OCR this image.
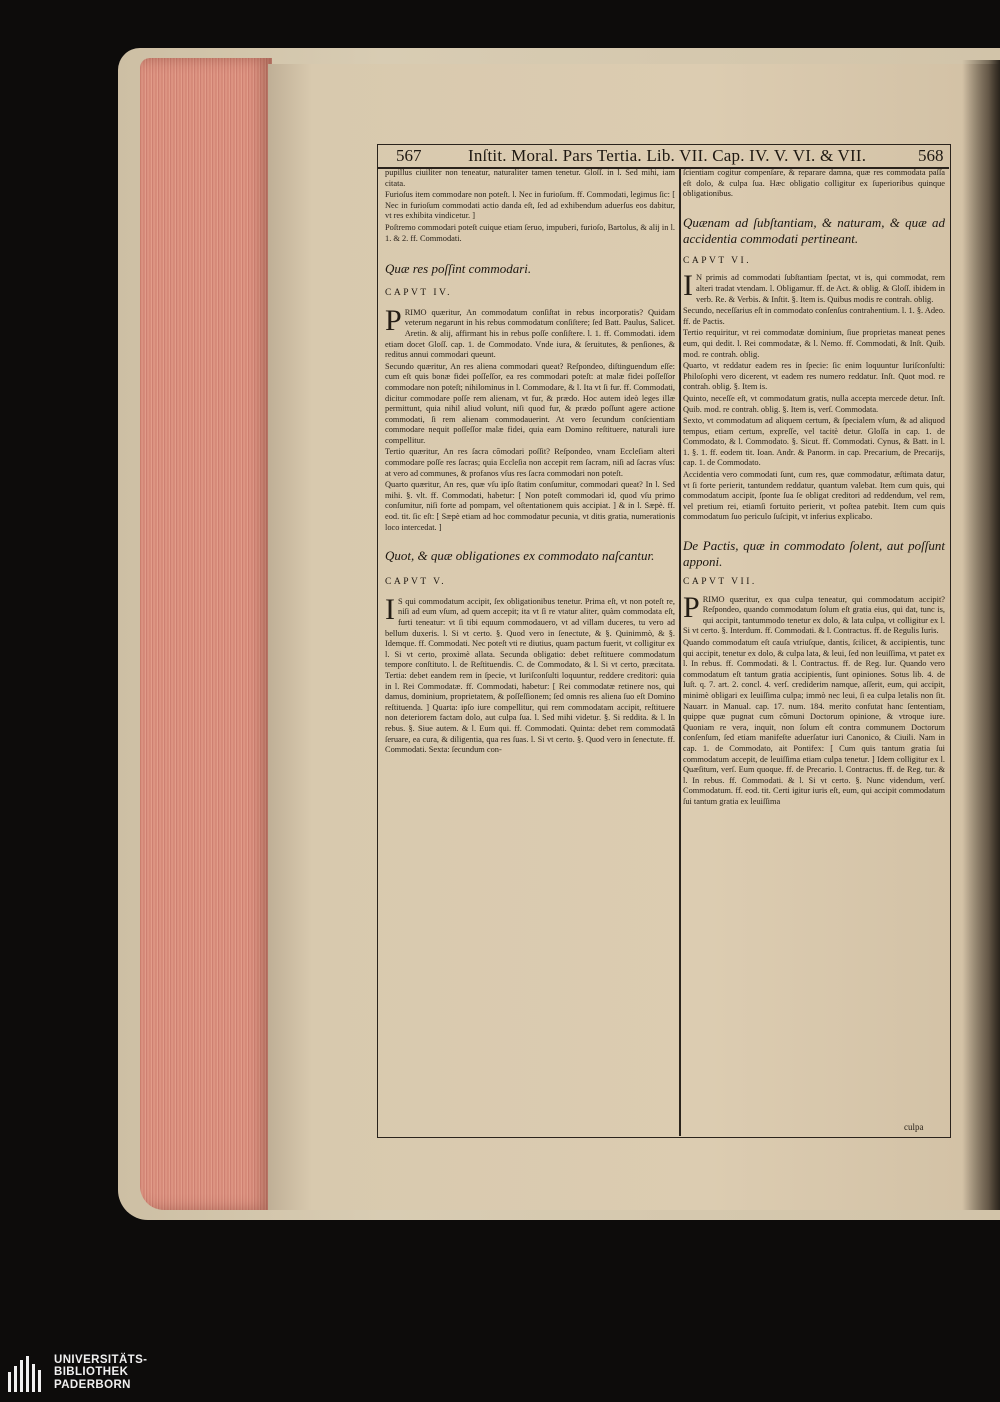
567	Inſtit. Moral. Pars Tertia. Lib. VII. Cap. IV. V. VI. & VII.	568

pupillus ciuiliter non teneatur, naturaliter tamen tenetur. Gloſſ. in l. Sed mihi, iam citata.

Furioſus item commodare non poteſt. l. Nec in furioſum. ff. Commodati, legimus ſic: [ Nec in furioſum commodati actio danda eſt, ſed ad exhibendum aduerſus eos dabitur, vt res exhibita vindicetur. ]

Poſtremo commodari poteſt cuique etiam ſeruo, impuberi, furioſo, Bartolus, & alij in l. 1. & 2. ff. Commodati.

Quæ res poſſint commodari.

CAPVT IV.

PRIMO quæritur, An commodatum conſiſtat in rebus incorporatis? Quidam veterum negarunt in his rebus commodatum conſiſtere; ſed Batt. Paulus, Salicet. Aretin. & alij, affirmant his in rebus poſſe conſiſtere. l. 1. ff. Commodati. idem etiam docet Gloſſ. cap. 1. de Commodato. Vnde iura, & ſeruitutes, & penſiones, & reditus annui commodari queunt.

Secundo quæritur, An res aliena commodari queat? Reſpondeo, diſtinguendum eſſe: cum eſt quis bonæ fidei poſſeſſor, ea res commodari poteſt: at malæ fidei poſſeſſor commodare non poteſt; nihilominus in l. Commodare, & l. Ita vt ſi fur. ff. Commodati, dicitur commodare poſſe rem alienam, vt fur, & prædo. Hoc autem ideò leges illæ permittunt, quia nihil aliud volunt, niſi quod fur, & prædo poſſunt agere actione commodati, ſi rem alienam commodauerint. At vero ſecundum conſcientiam commodare nequit poſſeſſor malæ fidei, quia eam Domino reſtituere, naturali iure compellitur.

Tertio quæritur, An res ſacra cōmodari poſſit? Reſpondeo, vnam Eccleſiam alteri commodare poſſe res ſacras; quia Eccleſia non accepit rem ſacram, niſi ad ſacras vſus: at vero ad communes, & profanos vſus res ſacra commodari non poteſt.

Quarto quæritur, An res, quæ vſu ipſo ſtatim conſumitur, commodari queat? In l. Sed mihi. §. vlt. ff. Commodati, habetur: [ Non poteſt commodari id, quod vſu primo conſumitur, niſi forte ad pompam, vel oſtentationem quis accipiat. ] & in l. Sæpè. ff. eod. tit. ſic eſt: [ Sæpè etiam ad hoc commodatur pecunia, vt ditis gratia, numerationis loco intercedat. ]

Quot, & quæ obligationes ex commodato naſcantur.

CAPVT V.

I S qui commodatum accipit, ſex obligationibus tenetur. Prima eſt, vt non poteſt re, niſi ad eum vſum, ad quem accepit; ita vt ſi re vtatur aliter, quàm commodata eſt, furti teneatur: vt ſi tibi equum commodauero, vt ad villam duceres, tu vero ad bellum duxeris. l. Si vt certo. §. Quod vero in ſenectute, & §. Quinimmò, & §. Idemque. ff. Commodati. Nec poteſt vti re diutius, quam pactum fuerit, vt colligitur ex l. Si vt certo, proximè allata. Secunda obligatio: debet reſtituere commodatum tempore conſtituto. l. de Reſtituendis. C. de Commodato, & l. Si vt certo, præcitata. Tertia: debet eandem rem in ſpecie, vt Iuriſconſulti loquuntur, reddere creditori: quia in l. Rei Commodatæ. ff. Commodati, habetur: [ Rei commodatæ retinere nos, qui damus, dominium, proprietatem, & poſſeſſionem; ſed omnis res aliena ſuo eſt Domino reſtituenda. ] Quarta: ipſo iure compellitur, qui rem commodatam accipit, reſtituere non deteriorem factam dolo, aut culpa ſua. l. Sed mihi videtur. §. Si reddita. & l. In rebus. §. Siue autem. & l. Eum qui. ff. Commodati. Quinta: debet rem commodatā ſeruare, ea cura, & diligentia, qua res ſuas. l. Si vt certo. §. Quod vero in ſenectute. ff. Commodati. Sexta: ſecundum con-

ſcientiam cogitur compenſare, & reparare damna, quæ res commodata paſſa eſt dolo, & culpa ſua. Hæc obligatio colligitur ex ſuperioribus quinque obligationibus.

Quænam ad ſubſtantiam, & naturam, & quæ ad accidentia commodati pertineant.

CAPVT VI.

I N primis ad commodati ſubſtantiam ſpectat, vt is, qui commodat, rem alteri tradat vtendam. l. Obligamur. ff. de Act. & oblig. & Gloſſ. ibidem in verb. Re. & Verbis. & Inſtit. §. Item is. Quibus modis re contrah. oblig.

Secundo, neceſſarius eſt in commodato conſenſus contrahentium. l. 1. §. Adeo. ff. de Pactis.

Tertio requiritur, vt rei commodatæ dominium, ſiue proprietas maneat penes eum, qui dedit. l. Rei commodatæ, & l. Nemo. ff. Commodati, & Inſt. Quib. mod. re contrah. oblig.

Quarto, vt reddatur eadem res in ſpecie: ſic enim loquuntur Iuriſconſulti: Philoſophi vero dicerent, vt eadem res numero reddatur. Inſt. Quot mod. re contrah. oblig. §. Item is.

Quinto, neceſſe eſt, vt commodatum gratis, nulla accepta mercede detur. Inſt. Quib. mod. re contrah. oblig. §. Item is, verſ. Commodata.

Sexto, vt commodatum ad aliquem certum, & ſpecialem vſum, & ad aliquod tempus, etiam certum, expreſſe, vel tacitè detur. Gloſſa in cap. 1. de Commodato, & l. Commodato. §. Sicut. ff. Commodati. Cynus, & Batt. in l. 1. §. 1. ff. eodem tit. Ioan. Andr. & Panorm. in cap. Precarium, de Precarijs, cap. 1. de Commodato.

Accidentia vero commodati ſunt, cum res, quæ commodatur, æſtimata datur, vt ſi forte perierit, tantundem reddatur, quantum valebat. Item cum quis, qui commodatum accipit, ſponte ſua ſe obligat creditori ad reddendum, vel rem, vel pretium rei, etiamſi fortuito perierit, vt poſtea patebit. Item cum quis commodatum ſuo periculo ſuſcipit, vt inferius explicabo.

De Pactis, quæ in commodato ſolent, aut poſſunt apponi.

CAPVT VII.

PRIMO quæritur, ex qua culpa teneatur, qui commodatum accipit? Reſpondeo, quando commodatum ſolum eſt gratia eius, qui dat, tunc is, qui accipit, tantummodo tenetur ex dolo, & lata culpa, vt colligitur ex l. Si vt certo. §. Interdum. ff. Commodati. & l. Contractus. ff. de Regulis Iuris.

Quando commodatum eſt cauſa vtriuſque, dantis, ſcilicet, & accipientis, tunc qui accipit, tenetur ex dolo, & culpa lata, & leui, ſed non leuiſſima, vt patet ex l. In rebus. ff. Commodati. & l. Contractus. ff. de Reg. Iur. Quando vero commodatum eſt tantum gratia accipientis, ſunt opiniones. Sotus lib. 4. de Iuſt. q. 7. art. 2. concl. 4. verſ. crediderim namque, aſſerit, eum, qui accipit, minimè obligari ex leuiſſima culpa; immò nec leui, ſi ea culpa letalis non ſit. Nauarr. in Manual. cap. 17. num. 184. merito confutat hanc ſententiam, quippe quæ pugnat cum cōmuni Doctorum opinione, & vtroque iure. Quoniam re vera, inquit, non ſolum eſt contra communem Doctorum conſenſum, ſed etiam manifeſte aduerſatur iuri Canonico, & Ciuili. Nam in cap. 1. de Commodato, ait Pontifex: [ Cum quis tantum gratia ſui commodatum accepit, de leuiſſima etiam culpa tenetur. ] Idem colligitur ex l. Quæſitum, verſ. Eum quoque. ff. de Precario. l. Contractus. ff. de Reg. tur. & l. In rebus. ff. Commodati. & l. Si vt certo. §. Nunc videndum, verſ. Commodatum. ff. eod. tit. Certi igitur iuris eſt, eum, qui accipit commodatum ſui tantum gratia ex leuiſſima

culpa
UNIVERSITÄTS-
BIBLIOTHEK
PADERBORN
